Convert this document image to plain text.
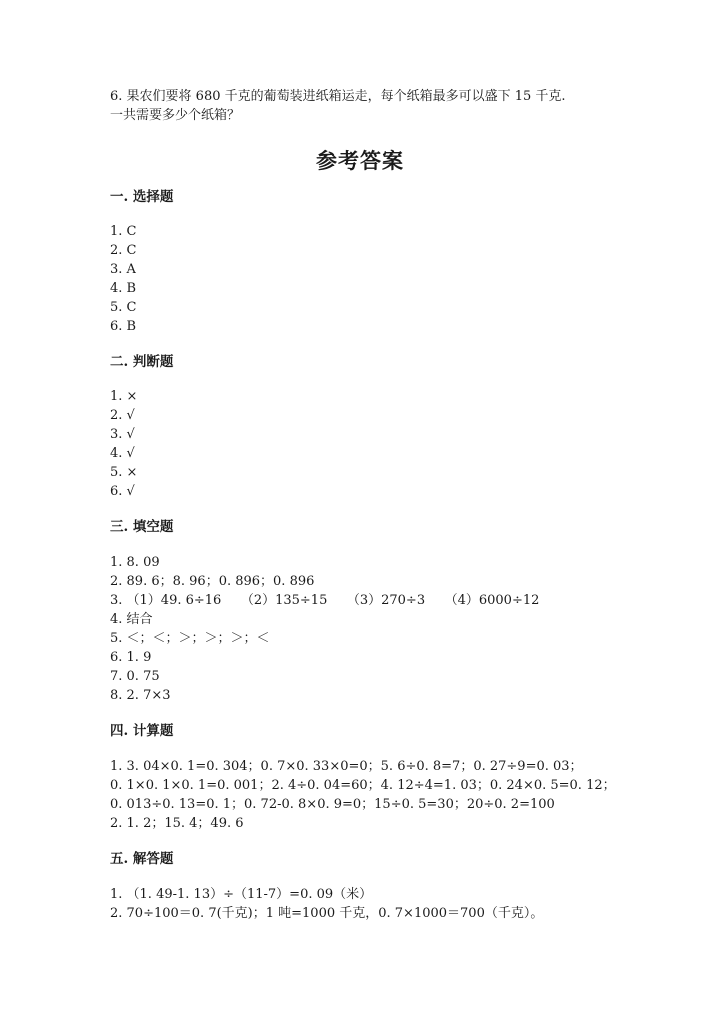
6. 果农们要将 680 千克的葡萄装进纸箱运走，每个纸箱最多可以盛下 15 千克.
一共需要多少个纸箱？
参考答案
一. 选择题
1. C
2. C
3. A
4. B
5. C
6. B
二. 判断题
1. ×
2. √
3. √
4. √
5. ×
6. √
三. 填空题
1. 8. 09
2. 89. 6；8. 96；0. 896；0. 896
3. （1）49. 6÷16　　（2）135÷15　　（3）270÷3　　（4）6000÷12
4. 结合
5. ＜；＜；＞；＞；＞；＜
6. 1. 9
7. 0. 75
8. 2. 7×3
四. 计算题
1. 3. 04×0. 1=0. 304；0. 7×0. 33×0=0；5. 6÷0. 8=7；0. 27÷9=0. 03；
0. 1×0. 1×0. 1=0. 001；2. 4÷0. 04=60；4. 12÷4=1. 03；0. 24×0. 5=0. 12；
0. 013÷0. 13=0. 1；0. 72-0. 8×0. 9=0；15÷0. 5=30；20÷0. 2=100
2. 1. 2；15. 4；49. 6
五. 解答题
1. （1. 49-1. 13）÷（11-7）=0. 09（米）
2. 70÷100＝0. 7(千克)；1 吨=1000 千克，0. 7×1000＝700（千克）。
